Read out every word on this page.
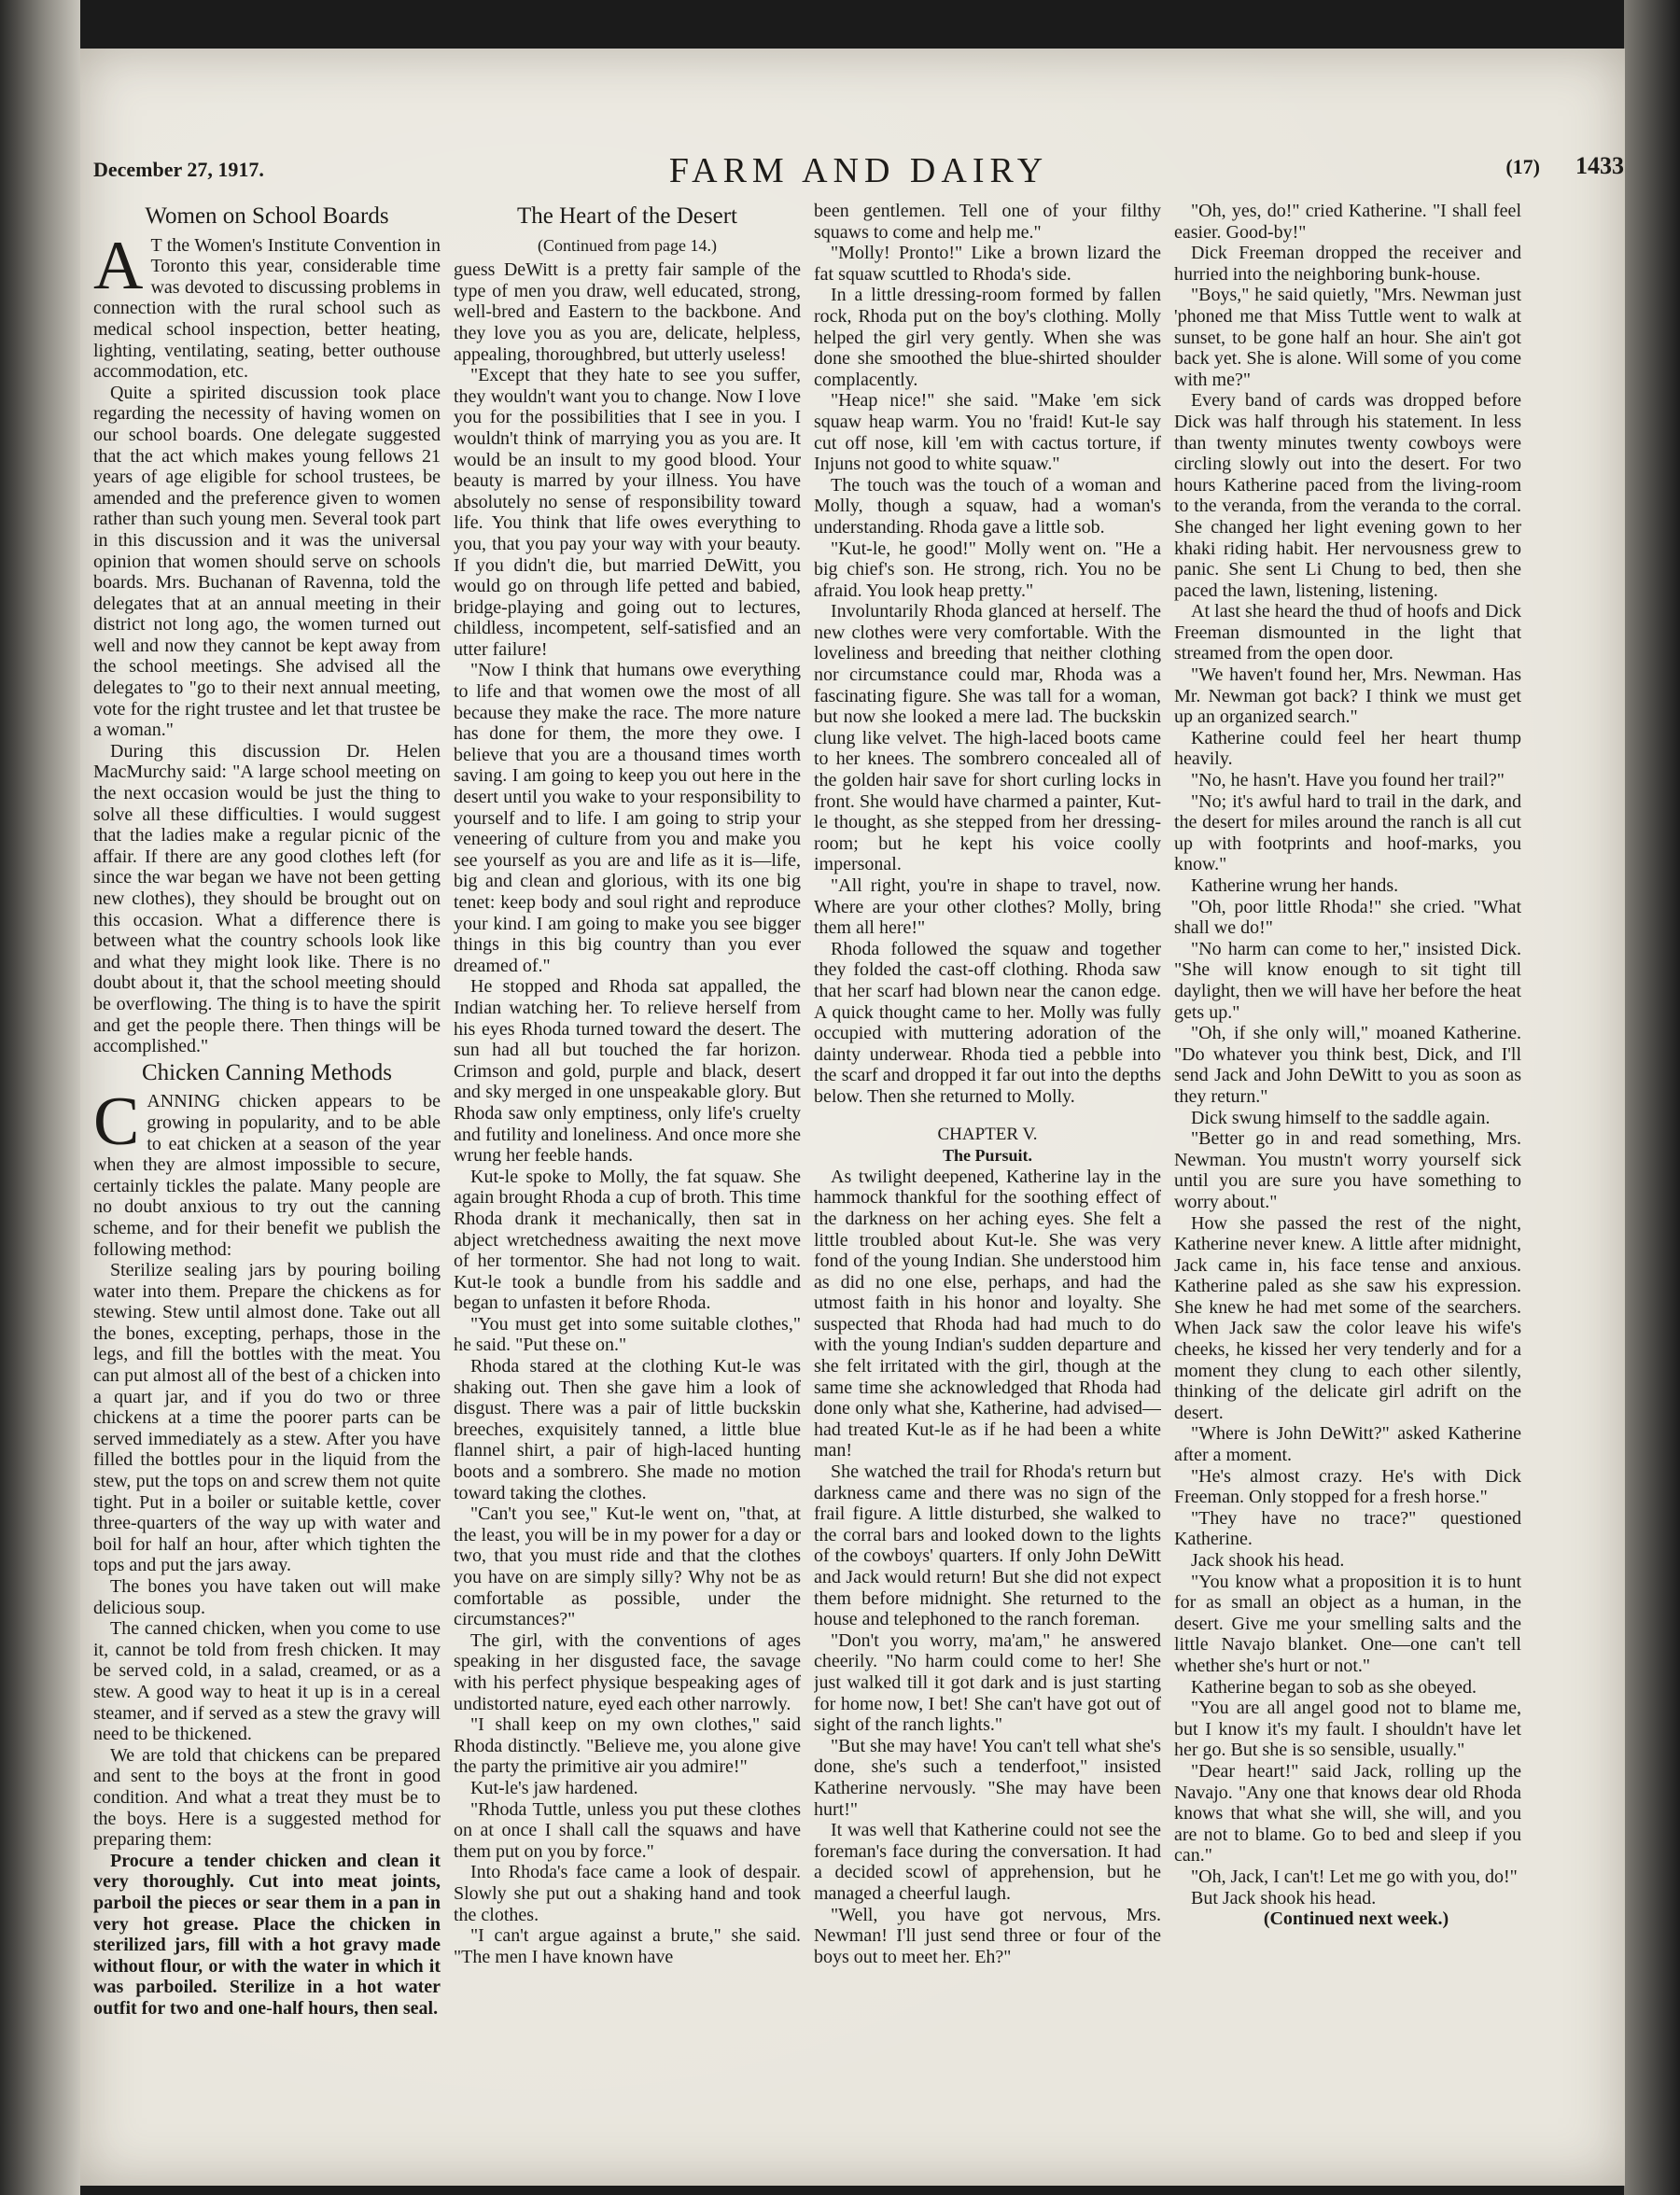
December 27, 1917.	FARM AND DAIRY	(17) 1433

Women on School Boards

A T the Women's Institute Convention in Toronto this year, considerable time was devoted to discussing problems in connection with the rural school such as medical school inspection, better heating, lighting, ventilating, seating, better outhouse accommodation, etc.

Quite a spirited discussion took place regarding the necessity of having women on our school boards. One delegate suggested that the act which makes young fellows 21 years of age eligible for school trustees, be amended and the preference given to women rather than such young men. Several took part in this discussion and it was the universal opinion that women should serve on schools boards. Mrs. Buchanan of Ravenna, told the delegates that at an annual meeting in their district not long ago, the women turned out well and now they cannot be kept away from the school meetings. She advised all the delegates to "go to their next annual meeting, vote for the right trustee and let that trustee be a woman."

During this discussion Dr. Helen MacMurchy said: "A large school meeting on the next occasion would be just the thing to solve all these difficulties. I would suggest that the ladies make a regular picnic of the affair. If there are any good clothes left (for since the war began we have not been getting new clothes), they should be brought out on this occasion. What a difference there is between what the country schools look like and what they might look like. There is no doubt about it, that the school meeting should be overflowing. The thing is to have the spirit and get the people there. Then things will be accomplished."

Chicken Canning Methods

CANNING chicken appears to be growing in popularity, and to be able to eat chicken at a season of the year when they are almost impossible to secure, certainly tickles the palate. Many people are no doubt anxious to try out the canning scheme, and for their benefit we publish the following method:

Sterilize sealing jars by pouring boiling water into them. Prepare the chickens as for stewing. Stew until almost done. Take out all the bones, excepting, perhaps, those in the legs, and fill the bottles with the meat. You can put almost all of the best of a chicken into a quart jar, and if you do two or three chickens at a time the poorer parts can be served immediately as a stew. After you have filled the bottles pour in the liquid from the stew, put the tops on and screw them not quite tight. Put in a boiler or suitable kettle, cover three-quarters of the way up with water and boil for half an hour, after which tighten the tops and put the jars away.

The bones you have taken out will make delicious soup.

The canned chicken, when you come to use it, cannot be told from fresh chicken. It may be served cold, in a salad, creamed, or as a stew. A good way to heat it up is in a cereal steamer, and if served as a stew the gravy will need to be thickened.

We are told that chickens can be prepared and sent to the boys at the front in good condition. And what a treat they must be to the boys. Here is a suggested method for preparing them:

Procure a tender chicken and clean it very thoroughly. Cut into meat joints, parboil the pieces or sear them in a pan in very hot grease. Place the chicken in sterilized jars, fill with a hot gravy made without flour, or with the water in which it was parboiled. Sterilize in a hot water outfit for two and one-half hours, then seal.

The Heart of the Desert

(Continued from page 14.)

guess DeWitt is a pretty fair sample of the type of men you draw, well educated, strong, well-bred and Eastern to the backbone. And they love you as you are, delicate, helpless, appealing, thoroughbred, but utterly useless!

"Except that they hate to see you suffer, they wouldn't want you to change. Now I love you for the possibilities that I see in you. I wouldn't think of marrying you as you are. It would be an insult to my good blood. Your beauty is marred by your illness. You have absolutely no sense of responsibility toward life. You think that life owes everything to you, that you pay your way with your beauty. If you didn't die, but married DeWitt, you would go on through life petted and babied, bridge-playing and going out to lectures, childless, incompetent, self-satisfied and an utter failure!

"Now I think that humans owe everything to life and that women owe the most of all because they make the race. The more nature has done for them, the more they owe. I believe that you are a thousand times worth saving. I am going to keep you out here in the desert until you wake to your responsibility to yourself and to life. I am going to strip your veneering of culture from you and make you see yourself as you are and life as it is—life, big and clean and glorious, with its one big tenet: keep body and soul right and reproduce your kind. I am going to make you see bigger things in this big country than you ever dreamed of."

He stopped and Rhoda sat appalled, the Indian watching her. To relieve herself from his eyes Rhoda turned toward the desert. The sun had all but touched the far horizon. Crimson and gold, purple and black, desert and sky merged in one unspeakable glory. But Rhoda saw only emptiness, only life's cruelty and futility and loneliness. And once more she wrung her feeble hands.

Kut-le spoke to Molly, the fat squaw. She again brought Rhoda a cup of broth. This time Rhoda drank it mechanically, then sat in abject wretchedness awaiting the next move of her tormentor. She had not long to wait. Kut-le took a bundle from his saddle and began to unfasten it before Rhoda.

"You must get into some suitable clothes," he said. "Put these on."

Rhoda stared at the clothing Kut-le was shaking out. Then she gave him a look of disgust. There was a pair of little buckskin breeches, exquisitely tanned, a little blue flannel shirt, a pair of high-laced hunting boots and a sombrero. She made no motion toward taking the clothes.

"Can't you see," Kut-le went on, "that, at the least, you will be in my power for a day or two, that you must ride and that the clothes you have on are simply silly? Why not be as comfortable as possible, under the circumstances?"

The girl, with the conventions of ages speaking in her disgusted face, the savage with his perfect physique bespeaking ages of undistorted nature, eyed each other narrowly.

"I shall keep on my own clothes," said Rhoda distinctly. "Believe me, you alone give the party the primitive air you admire!"

Kut-le's jaw hardened.

"Rhoda Tuttle, unless you put these clothes on at once I shall call the squaws and have them put on you by force."

Into Rhoda's face came a look of despair. Slowly she put out a shaking hand and took the clothes.

"I can't argue against a brute," she said. "The men I have known have

been gentlemen. Tell one of your filthy squaws to come and help me."

"Molly! Pronto!" Like a brown lizard the fat squaw scuttled to Rhoda's side.

In a little dressing-room formed by fallen rock, Rhoda put on the boy's clothing. Molly helped the girl very gently. When she was done she smoothed the blue-shirted shoulder complacently.

"Heap nice!" she said. "Make 'em sick squaw heap warm. You no 'fraid! Kut-le say cut off nose, kill 'em with cactus torture, if Injuns not good to white squaw."

The touch was the touch of a woman and Molly, though a squaw, had a woman's understanding. Rhoda gave a little sob.

"Kut-le, he good!" Molly went on. "He a big chief's son. He strong, rich. You no be afraid. You look heap pretty."

Involuntarily Rhoda glanced at herself. The new clothes were very comfortable. With the loveliness and breeding that neither clothing nor circumstance could mar, Rhoda was a fascinating figure. She was tall for a woman, but now she looked a mere lad. The buckskin clung like velvet. The high-laced boots came to her knees. The sombrero concealed all of the golden hair save for short curling locks in front. She would have charmed a painter, Kut-le thought, as she stepped from her dressing-room; but he kept his voice coolly impersonal.

"All right, you're in shape to travel, now. Where are your other clothes? Molly, bring them all here!"

Rhoda followed the squaw and together they folded the cast-off clothing. Rhoda saw that her scarf had blown near the canon edge. A quick thought came to her. Molly was fully occupied with muttering adoration of the dainty underwear. Rhoda tied a pebble into the scarf and dropped it far out into the depths below. Then she returned to Molly.

CHAPTER V.

The Pursuit.

As twilight deepened, Katherine lay in the hammock thankful for the soothing effect of the darkness on her aching eyes. She felt a little troubled about Kut-le. She was very fond of the young Indian. She understood him as did no one else, perhaps, and had the utmost faith in his honor and loyalty. She suspected that Rhoda had had much to do with the young Indian's sudden departure and she felt irritated with the girl, though at the same time she acknowledged that Rhoda had done only what she, Katherine, had advised—had treated Kut-le as if he had been a white man!

She watched the trail for Rhoda's return but darkness came and there was no sign of the frail figure. A little disturbed, she walked to the corral bars and looked down to the lights of the cowboys' quarters. If only John DeWitt and Jack would return! But she did not expect them before midnight. She returned to the house and telephoned to the ranch foreman.

"Don't you worry, ma'am," he answered cheerily. "No harm could come to her! She just walked till it got dark and is just starting for home now, I bet! She can't have got out of sight of the ranch lights."

"But she may have! You can't tell what she's done, she's such a tenderfoot," insisted Katherine nervously. "She may have been hurt!"

It was well that Katherine could not see the foreman's face during the conversation. It had a decided scowl of apprehension, but he managed a cheerful laugh.

"Well, you have got nervous, Mrs. Newman! I'll just send three or four of the boys out to meet her. Eh?"

"Oh, yes, do!" cried Katherine. "I shall feel easier. Good-by!"

Dick Freeman dropped the receiver and hurried into the neighboring bunk-house.

"Boys," he said quietly, "Mrs. Newman just 'phoned me that Miss Tuttle went to walk at sunset, to be gone half an hour. She ain't got back yet. She is alone. Will some of you come with me?"

Every band of cards was dropped before Dick was half through his statement. In less than twenty minutes twenty cowboys were circling slowly out into the desert. For two hours Katherine paced from the living-room to the veranda, from the veranda to the corral. She changed her light evening gown to her khaki riding habit. Her nervousness grew to panic. She sent Li Chung to bed, then she paced the lawn, listening, listening.

At last she heard the thud of hoofs and Dick Freeman dismounted in the light that streamed from the open door.

"We haven't found her, Mrs. Newman. Has Mr. Newman got back? I think we must get up an organized search."

Katherine could feel her heart thump heavily.

"No, he hasn't. Have you found her trail?"

"No; it's awful hard to trail in the dark, and the desert for miles around the ranch is all cut up with footprints and hoof-marks, you know."

Katherine wrung her hands.

"Oh, poor little Rhoda!" she cried. "What shall we do!"

"No harm can come to her," insisted Dick. "She will know enough to sit tight till daylight, then we will have her before the heat gets up."

"Oh, if she only will," moaned Katherine. "Do whatever you think best, Dick, and I'll send Jack and John DeWitt to you as soon as they return."

Dick swung himself to the saddle again.

"Better go in and read something, Mrs. Newman. You mustn't worry yourself sick until you are sure you have something to worry about."

How she passed the rest of the night, Katherine never knew. A little after midnight, Jack came in, his face tense and anxious. Katherine paled as she saw his expression. She knew he had met some of the searchers. When Jack saw the color leave his wife's cheeks, he kissed her very tenderly and for a moment they clung to each other silently, thinking of the delicate girl adrift on the desert.

"Where is John DeWitt?" asked Katherine after a moment.

"He's almost crazy. He's with Dick Freeman. Only stopped for a fresh horse."

"They have no trace?" questioned Katherine.

Jack shook his head.

"You know what a proposition it is to hunt for as small an object as a human, in the desert. Give me your smelling salts and the little Navajo blanket. One—one can't tell whether she's hurt or not."

Katherine began to sob as she obeyed.

"You are all angel good not to blame me, but I know it's my fault. I shouldn't have let her go. But she is so sensible, usually."

"Dear heart!" said Jack, rolling up the Navajo. "Any one that knows dear old Rhoda knows that what she will, she will, and you are not to blame. Go to bed and sleep if you can."

"Oh, Jack, I can't! Let me go with you, do!"

But Jack shook his head.

(Continued next week.)
